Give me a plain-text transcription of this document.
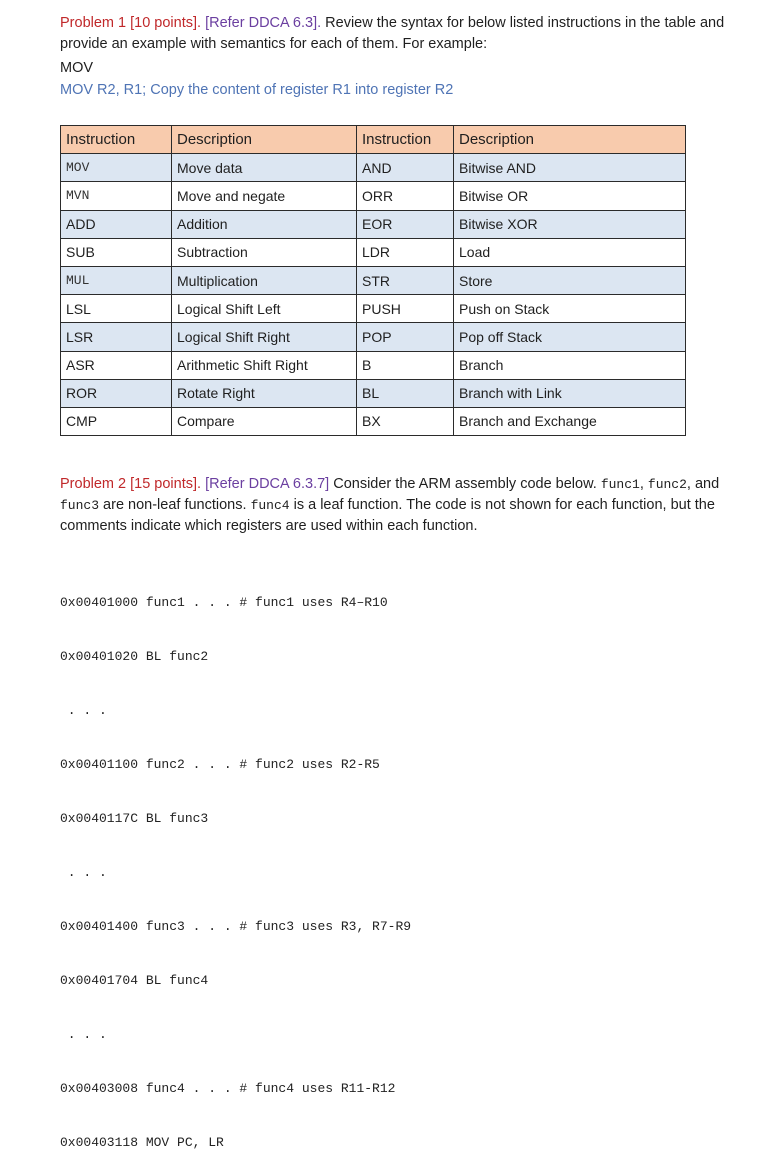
Problem 1 [10 points]. [Refer DDCA 6.3]. Review the syntax for below listed instructions in the table and provide an example with semantics for each of them. For example:
MOV
MOV R2, R1; Copy the content of register R1 into register R2
Instruction	Description	Instruction	Description
MOV	Move data	AND	Bitwise AND
MVN	Move and negate	ORR	Bitwise OR
ADD	Addition	EOR	Bitwise XOR
SUB	Subtraction	LDR	Load
MUL	Multiplication	STR	Store
LSL	Logical Shift Left	PUSH	Push on Stack
LSR	Logical Shift Right	POP	Pop off Stack
ASR	Arithmetic Shift Right	B	Branch
ROR	Rotate Right	BL	Branch with Link
CMP	Compare	BX	Branch and Exchange
Problem 2 [15 points]. [Refer DDCA 6.3.7] Consider the ARM assembly code below. func1, func2, and func3 are non-leaf functions. func4 is a leaf function. The code is not shown for each function, but the comments indicate which registers are used within each function.

0x00401000 func1 . . . # func1 uses R4–R10

0x00401020 BL func2

. . .

0x00401100 func2 . . . # func2 uses R2-R5

0x0040117C BL func3

. . .

0x00401400 func3 . . . # func3 uses R3, R7-R9

0x00401704 BL func4

. . .

0x00403008 func4 . . . # func4 uses R11-R12

0x00403118 MOV PC, LR
